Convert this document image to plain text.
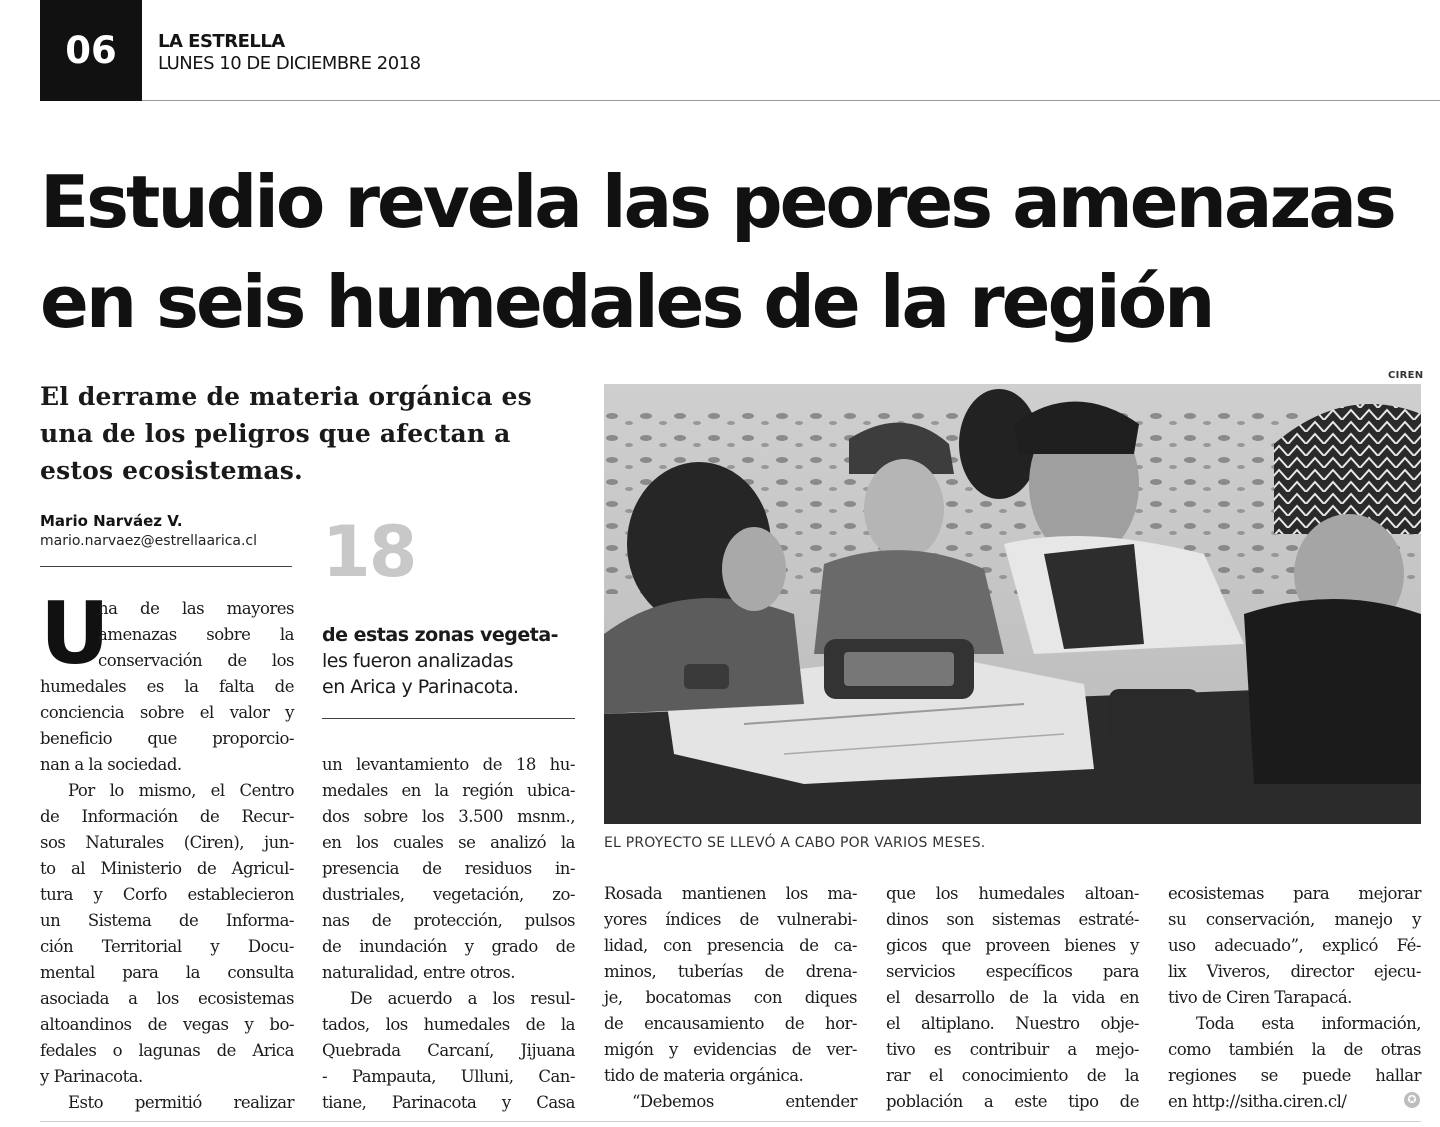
06	LA ESTRELLA
LUNES 10 DE DICIEMBRE 2018
Estudio revela las peores amenazas
en seis humedales de la región
El derrame de materia orgánica es
una de los peligros que afectan a
estos ecosistemas.
Mario Narváez V.
mario.narvaez@estrellaarica.cl 18
de estas zonas vegeta-
les fueron analizadas
en Arica y Parinacota.
CIREN
EL PROYECTO SE LLEVÓ A CABO POR VARIOS MESES.
U
na de las mayores
amenazas sobre la
conservación de los
humedales es la falta de
conciencia sobre el valor y
beneficio que proporcio-
nan a la sociedad.
Por lo mismo, el Centro
de Información de Recur-
sos Naturales (Ciren), jun-
to al Ministerio de Agricul-
tura y Corfo establecieron
un Sistema de Informa-
ción Territorial y Docu-
mental para la consulta
asociada a los ecosistemas
altoandinos de vegas y bo-
fedales o lagunas de Arica
y Parinacota.
Esto permitió realizar
un levantamiento de 18 hu-
medales en la región ubica-
dos sobre los 3.500 msnm.,
en los cuales se analizó la
presencia de residuos in-
dustriales, vegetación, zo-
nas de protección, pulsos
de inundación y grado de
naturalidad, entre otros.
De acuerdo a los resul-
tados, los humedales de la
Quebrada Carcaní, Jijuana
- Pampauta, Ulluni, Can-
tiane, Parinacota y Casa
Rosada mantienen los ma-
yores índices de vulnerabi-
lidad, con presencia de ca-
minos, tuberías de drena-
je, bocatomas con diques
de encausamiento de hor-
migón y evidencias de ver-
tido de materia orgánica.
“Debemos entender
que los humedales altoan-
dinos son sistemas estraté-
gicos que proveen bienes y
servicios específicos para
el desarrollo de la vida en
el altiplano. Nuestro obje-
tivo es contribuir a mejo-
rar el conocimiento de la
población a este tipo de
ecosistemas para mejorar
su conservación, manejo y
uso adecuado”, explicó Fé-
lix Viveros, director ejecu-
tivo de Ciren Tarapacá.
Toda esta información,
como también la de otras
regiones se puede hallar
en http://sitha.ciren.cl/	✪
